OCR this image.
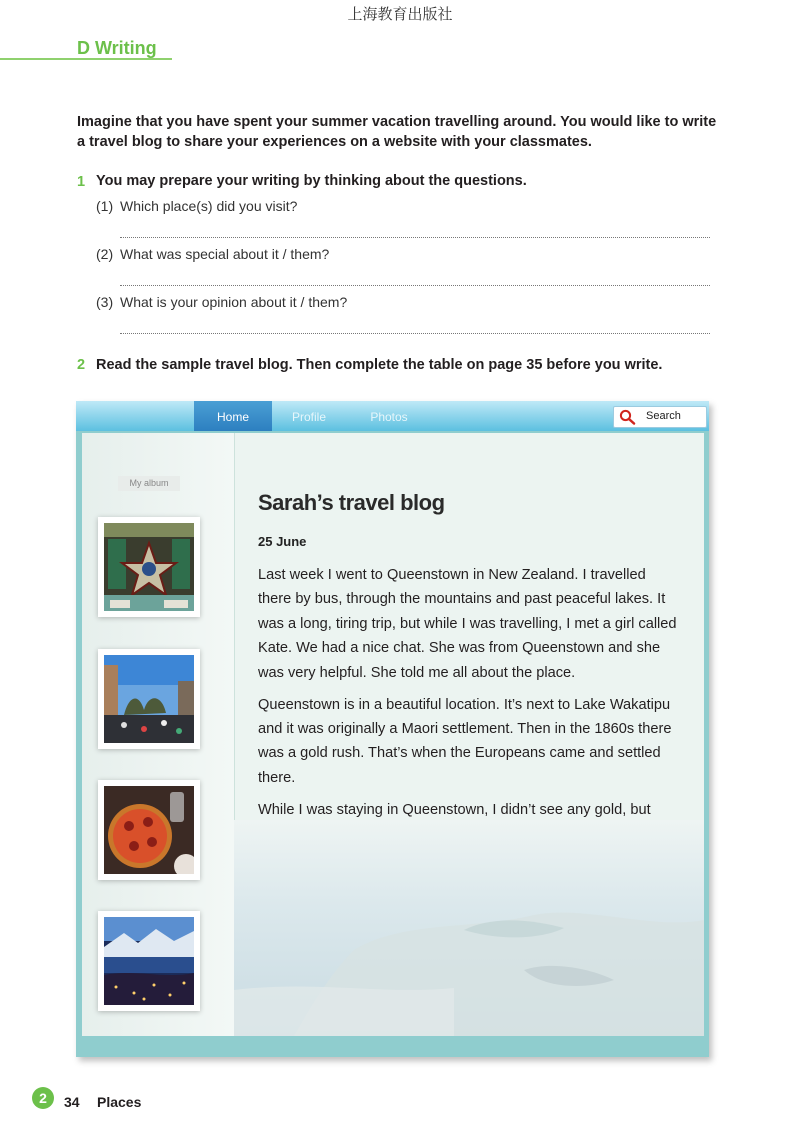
上海教育出版社
D Writing
Imagine that you have spent your summer vacation travelling around. You would like to write a travel blog to share your experiences on a website with your classmates.
1 You may prepare your writing by thinking about the questions.
(1) Which place(s) did you visit?
(2) What was special about it / them?
(3) What is your opinion about it / them?
2 Read the sample travel blog. Then complete the table on page 35 before you write.
Home	Profile	Photos	Search
My album
Sarah’s travel blog
25 June

Last week I went to Queenstown in New Zealand. I travelled there by bus, through the mountains and past peaceful lakes. It was a long, tiring trip, but while I was travelling, I met a girl called Kate. We had a nice chat. She was from Queenstown and she was very helpful. She told me all about the place.

Queenstown is in a beautiful location. It’s next to Lake Wakatipu and it was originally a Maori settlement. Then in the 1860s there was a gold rush. That’s when the Europeans came and settled there.

While I was staying in Queenstown, I didn’t see any gold, but

2	34 Places
